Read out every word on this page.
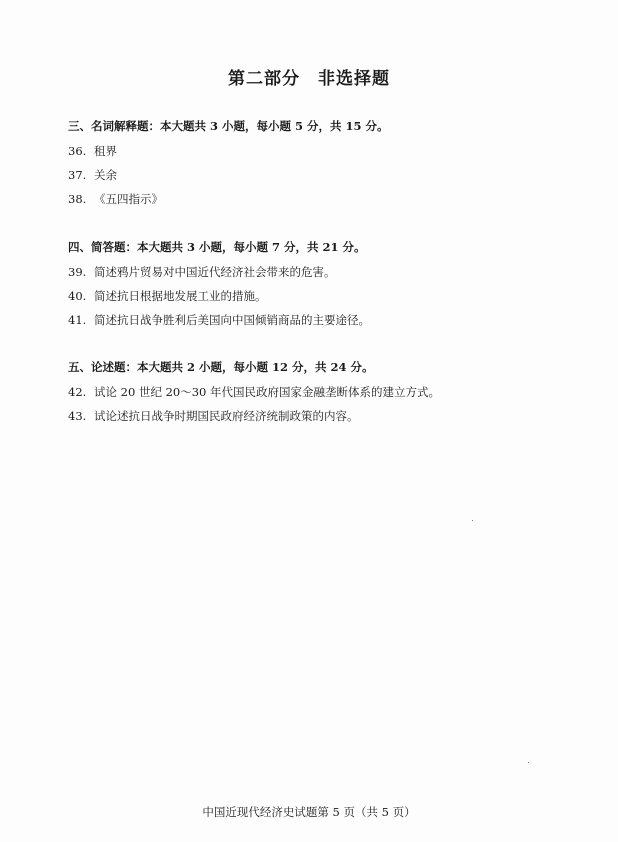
第二部分　非选择题
三、名词解释题：本大题共 3 小题，每小题 5 分，共 15 分。
36. 租界
37. 关余
38. 《五四指示》
四、简答题：本大题共 3 小题，每小题 7 分，共 21 分。
39. 简述鸦片贸易对中国近代经济社会带来的危害。
40. 简述抗日根据地发展工业的措施。
41. 简述抗日战争胜利后美国向中国倾销商品的主要途径。
五、论述题：本大题共 2 小题，每小题 12 分，共 24 分。
42. 试论 20 世纪 20～30 年代国民政府国家金融垄断体系的建立方式。
43. 试论述抗日战争时期国民政府经济统制政策的内容。
中国近现代经济史试题第 5 页（共 5 页）
